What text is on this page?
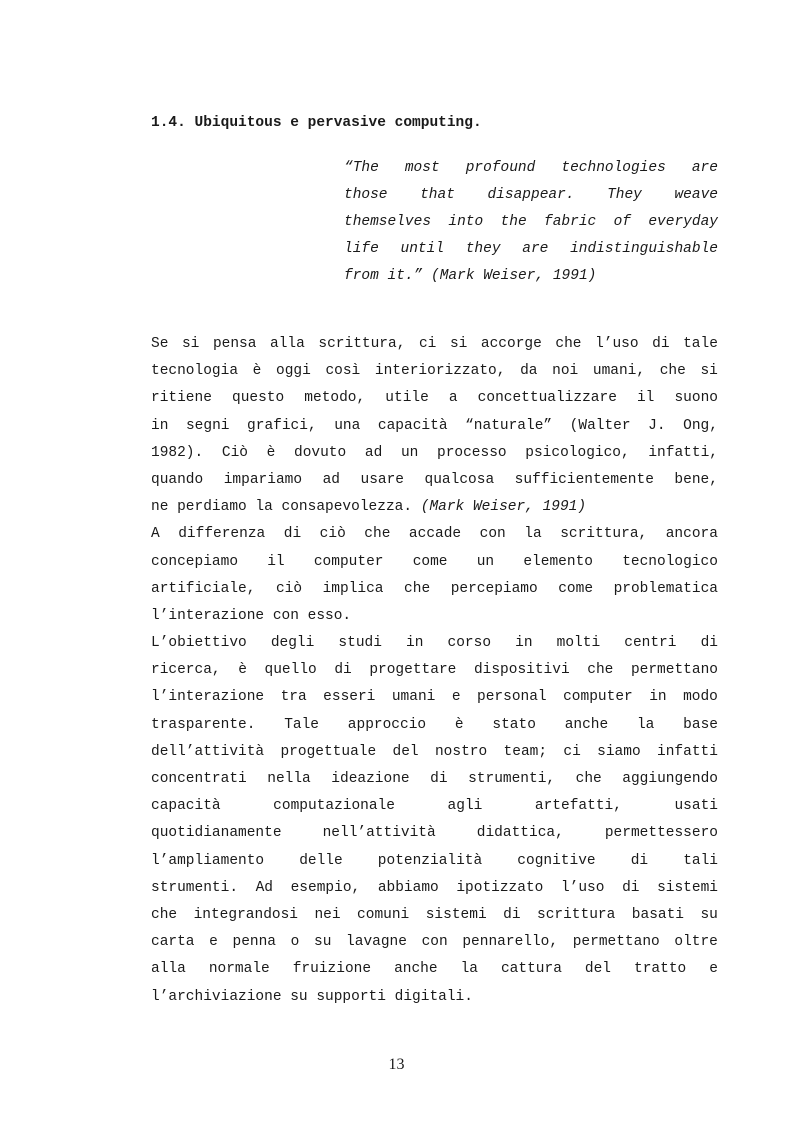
1.4. Ubiquitous e pervasive computing.
“The most profound technologies are
those that disappear. They weave
themselves into the fabric of everyday
life until they are indistinguishable
from it.” (Mark Weiser, 1991)
Se si pensa alla scrittura, ci si accorge che l’uso di tale
tecnologia è oggi così interiorizzato, da noi umani, che si
ritiene questo metodo, utile a concettualizzare il suono
in segni grafici, una capacità “naturale” (Walter J. Ong,
1982). Ciò è dovuto ad un processo psicologico, infatti,
quando impariamo ad usare qualcosa sufficientemente bene,
ne perdiamo la consapevolezza. (Mark Weiser, 1991)
A differenza di ciò che accade con la scrittura, ancora
concepiamo il computer come un elemento tecnologico
artificiale, ciò implica che percepiamo come problematica
l’interazione con esso.
L’obiettivo degli studi in corso in molti centri di
ricerca, è quello di progettare dispositivi che permettano
l’interazione tra esseri umani e personal computer in modo
trasparente. Tale approccio è stato anche la base
dell’attività progettuale del nostro team; ci siamo infatti
concentrati nella ideazione di strumenti, che aggiungendo
capacità	computazionale	agli	artefatti,	usati
quotidianamente	nell’attività	didattica,	permettessero
l’ampliamento delle potenzialità cognitive di tali
strumenti. Ad esempio, abbiamo ipotizzato l’uso di sistemi
che integrandosi nei comuni sistemi di scrittura basati su
carta e penna o su lavagne con pennarello, permettano oltre
alla normale fruizione anche la cattura del tratto e
l’archiviazione su supporti digitali.
13
